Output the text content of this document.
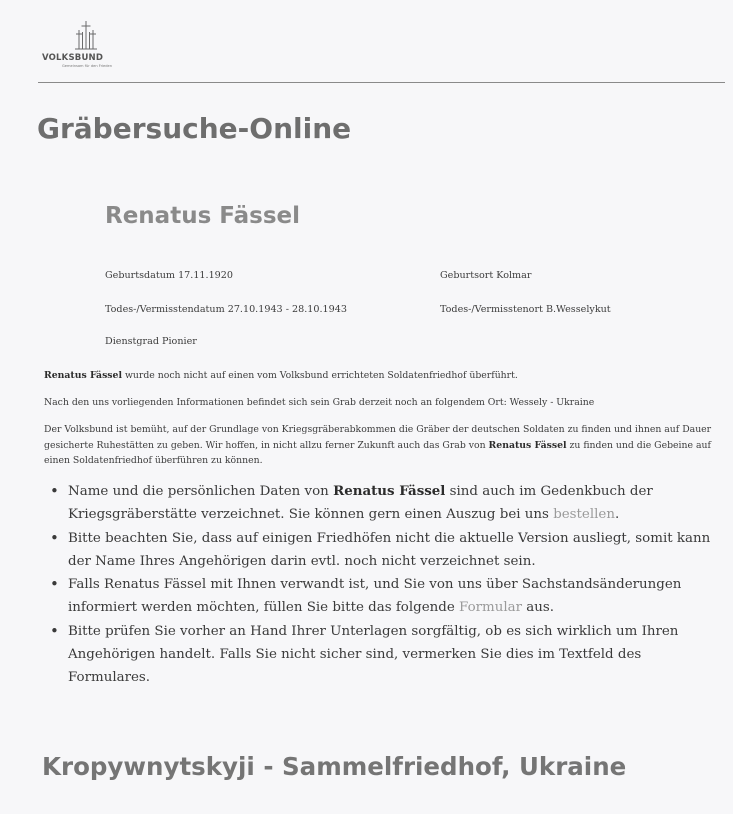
VOLKSBUND
Gemeinsam für den Frieden
Gräbersuche-Online
Renatus Fässel
Geburtsdatum 17.11.1920	Geburtsort Kolmar
Todes-/Vermisstendatum 27.10.1943 - 28.10.1943	Todes-/Vermisstenort B.Wesselykut
Dienstgrad Pionier

Renatus Fässel wurde noch nicht auf einen vom Volksbund errichteten Soldatenfriedhof überführt.

Nach den uns vorliegenden Informationen befindet sich sein Grab derzeit noch an folgendem Ort: Wessely - Ukraine

Der Volksbund ist bemüht, auf der Grundlage von Kriegsgräberabkommen die Gräber der deutschen Soldaten zu finden und ihnen auf Dauer gesicherte Ruhestätten zu geben. Wir hoffen, in nicht allzu ferner Zukunft auch das Grab von Renatus Fässel zu finden und die Gebeine auf einen Soldatenfriedhof überführen zu können.

• Name und die persönlichen Daten von Renatus Fässel sind auch im Gedenkbuch der Kriegsgräberstätte verzeichnet. Sie können gern einen Auszug bei uns bestellen.
• Bitte beachten Sie, dass auf einigen Friedhöfen nicht die aktuelle Version ausliegt, somit kann der Name Ihres Angehörigen darin evtl. noch nicht verzeichnet sein.
• Falls Renatus Fässel mit Ihnen verwandt ist, und Sie von uns über Sachstandsänderungen informiert werden möchten, füllen Sie bitte das folgende Formular aus.
• Bitte prüfen Sie vorher an Hand Ihrer Unterlagen sorgfältig, ob es sich wirklich um Ihren Angehörigen handelt. Falls Sie nicht sicher sind, vermerken Sie dies im Textfeld des Formulares.
Kropywnytskyji - Sammelfriedhof, Ukraine
